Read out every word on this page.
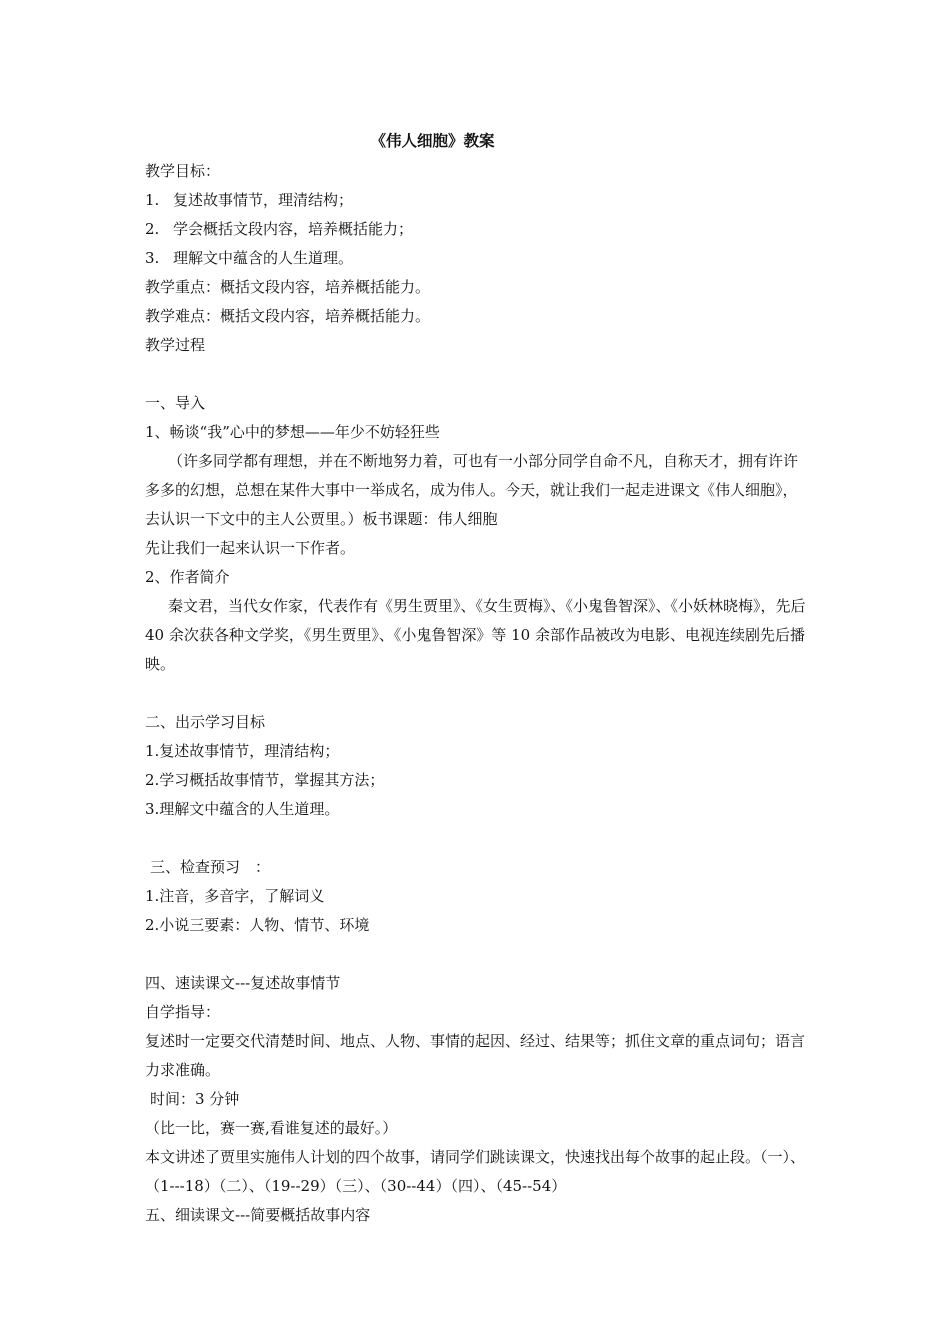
《伟人细胞》教案

教学目标：

1. 复述故事情节，理清结构；

2. 学会概括文段内容，培养概括能力；

3. 理解文中蕴含的人生道理。

教学重点：概括文段内容，培养概括能力。

教学难点：概括文段内容，培养概括能力。

教学过程

一、导入

1、畅谈“我”心中的梦想——年少不妨轻狂些

（许多同学都有理想，并在不断地努力着，可也有一小部分同学自命不凡，自称天才，拥有许许多多的幻想，总想在某件大事中一举成名，成为伟人。今天，就让我们一起走进课文《伟人细胞》，去认识一下文中的主人公贾里。）板书课题：伟人细胞

先让我们一起来认识一下作者。

2、作者简介

秦文君，当代女作家，代表作有《男生贾里》、《女生贾梅》、《小鬼鲁智深》、《小妖林晓梅》，先后 40 余次获各种文学奖，《男生贾里》、《小鬼鲁智深》等 10 余部作品被改为电影、电视连续剧先后播映。

二、出示学习目标

1.复述故事情节，理清结构；

2.学习概括故事情节，掌握其方法；

3.理解文中蕴含的人生道理。

三、检查预习　：

1.注音，多音字，了解词义

2.小说三要素：人物、情节、环境

四、速读课文---复述故事情节

自学指导：

复述时一定要交代清楚时间、地点、人物、事情的起因、经过、结果等；抓住文章的重点词句；语言力求准确。

时间：3 分钟

（比一比，赛一赛,看谁复述的最好。）

本文讲述了贾里实施伟人计划的四个故事，请同学们跳读课文，快速找出每个故事的起止段。（一）、（1---18）（二）、（19--29）（三）、（30--44）（四）、（45--54）

五、细读课文---简要概括故事内容
